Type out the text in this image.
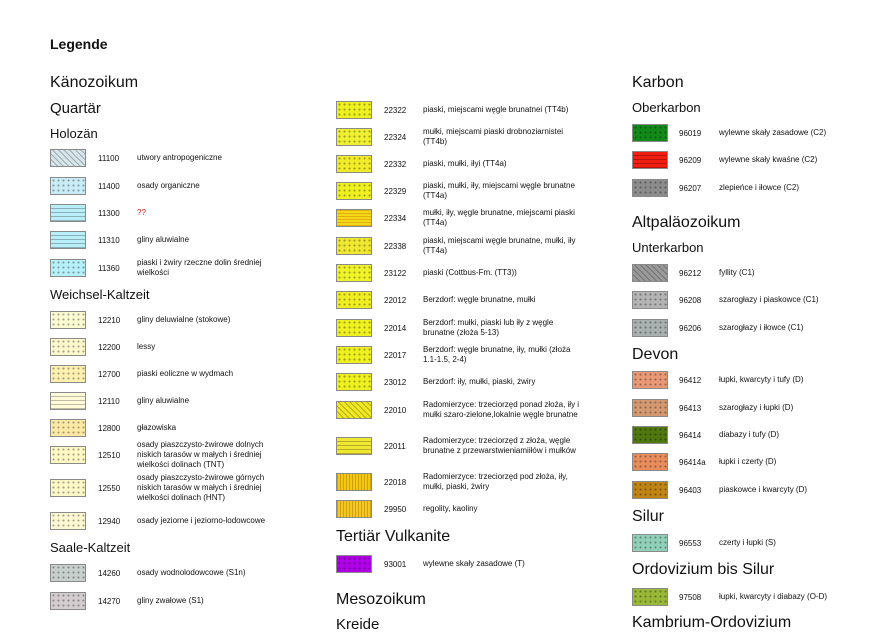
Legende
Känozoikum
Quartär
Holozän
Weichsel-Kaltzeit
Saale-Kaltzeit
Tertiär Vulkanite
Mesozoikum
Kreide
Karbon
Oberkarbon
Altpaläozoikum
Unterkarbon
Devon
Silur
Ordovizium bis Silur
Kambrium-Ordovizium
11100 utwory antropogeniczne
11400 osady organiczne
11300 ??
11310 gliny aluwialne
11360
piaski i żwiry rzeczne dolin średniej wielkości
12210 gliny deluwialne (stokowe)
12200 lessy
12700 piaski eoliczne w wydmach
12110 gliny aluwialne
12800 głazowiska
12510
osady piaszczysto-żwirowe dolnych niskich tarasów w małych i średniej wielkości dolinach (TNT)
12550
osady piaszczysto-żwirowe górnych niskich tarasów w małych i średniej wielkości dolinach (HNT)
12940 osady jeziorne i jeziorno-lodowcowe
14260 osady wodnolodowcowe (S1n)
14270 gliny zwałowe (S1)
22322 piaski, miejscami węgle brunatnei (TT4b)
22324
mułki, miejscami piaski drobnoziarnistei (TT4b)
22332 piaski, mułki, iłyi (TT4a)
22329
piaski, mułki, iły, miejscami węgle brunatne (TT4a)
22334
mułki, iły, węgle brunatne, miejscami piaski (TT4a)
22338
piaski, miejscami węgle brunatne, mułki, iły (TT4a)
23122 piaski (Cottbus-Fm. (TT3))
22012 Berzdorf: węgle brunatne, mułki
22014
Berzdorf: mułki, piaski lub iły z węgle brunatne (złoża 5-13)
22017
Berzdorf: węgle brunatne, iły, mułki (złoża 1.1-1.5, 2-4)
23012 Berzdorf: iły, mułki, piaski, żwiry
22010
Radomierzyce: trzeciorzęd ponad złoża, iły i mułki szaro-zielone,lokalnie węgle brunatne
22011
Radomierzyce: trzeciorzęd z złoża, węgle brunatne z przewarstwieniamiiłów i mułków
22018
Radomierzyce: trzeciorzęd pod złoża, iły, mułki, piaski, żwiry
29950 regolity, kaoliny
93001 wylewne skały zasadowe (T)
96019 wylewne skały zasadowe (C2)
96209 wylewne skały kwaśne (C2)
96207 zlepieńce i iłowce (C2)
96212 fyllity (C1)
96208 szarogłazy i piaskowce (C1)
96206 szarogłazy i iłowce (C1)
96412 łupki, kwarcyty i tufy (D)
96413 szarogłazy i łupki (D)
96414 diabazy i tufy (D)
96414a łupki i czerty (D)
96403 piaskowce i kwarcyty (D)
96553 czerty i łupki (S)
97508 łupki, kwarcyty i diabazy (O-D)
